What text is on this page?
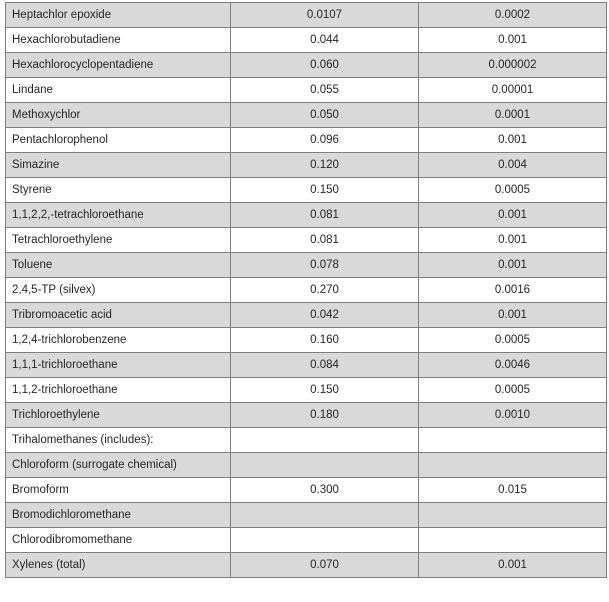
Heptachlor epoxide	0.0107	0.0002
Hexachlorobutadiene	0.044	0.001
Hexachlorocyclopentadiene	0.060	0.000002
Lindane	0.055	0.00001
Methoxychlor	0.050	0.0001
Pentachlorophenol	0.096	0.001
Simazine	0.120	0.004
Styrene	0.150	0.0005
1,1,2,2,-tetrachloroethane	0.081	0.001
Tetrachloroethylene	0.081	0.001
Toluene	0.078	0.001
2,4,5-TP (silvex)	0.270	0.0016
Tribromoacetic acid	0.042	0.001
1,2,4-trichlorobenzene	0.160	0.0005
1,1,1-trichloroethane	0.084	0.0046
1,1,2-trichloroethane	0.150	0.0005
Trichloroethylene	0.180	0.0010
Trihalomethanes (includes):		
Chloroform (surrogate chemical)		
Bromoform	0.300	0.015
Bromodichloromethane		
Chlorodibromomethane		
Xylenes (total)	0.070	0.001
